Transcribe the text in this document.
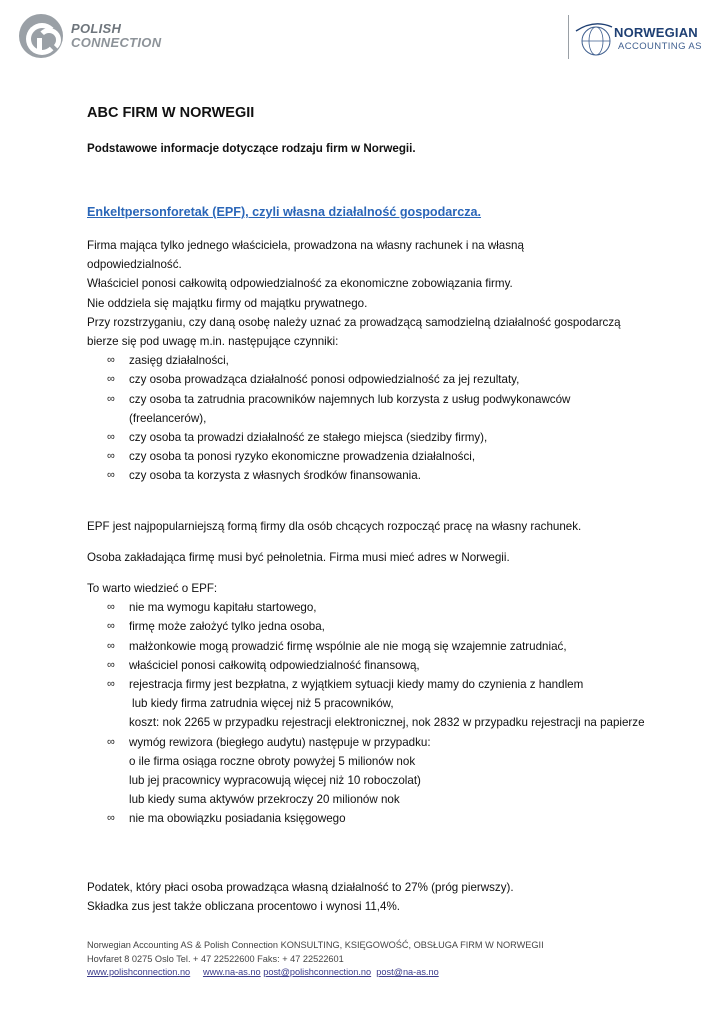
POLISH
CONNECTION
NORWEGIAN
ACCOUNTING AS
ABC FIRM W NORWEGII
Podstawowe informacje dotyczące rodzaju firm w Norwegii.
Enkeltpersonforetak (EPF), czyli własna działalność gospodarcza.

Firma mająca tylko jednego właściciela, prowadzona na własny rachunek i na własną

odpowiedzialność.

Właściciel ponosi całkowitą odpowiedzialność za ekonomiczne zobowiązania firmy.

Nie oddziela się majątku firmy od majątku prywatnego.

Przy rozstrzyganiu, czy daną osobę należy uznać za prowadzącą samodzielną działalność gospodarczą

bierze się pod uwagę m.in. następujące czynniki:

∞ zasięg działalności,
∞ czy osoba prowadząca działalność ponosi odpowiedzialność za jej rezultaty,
∞ czy osoba ta zatrudnia pracowników najemnych lub korzysta z usług podwykonawców (freelancerów),
∞ czy osoba ta prowadzi działalność ze stałego miejsca (siedziby firmy),
∞ czy osoba ta ponosi ryzyko ekonomiczne prowadzenia działalności,
∞ czy osoba ta korzysta z własnych środków finansowania.
EPF jest najpopularniejszą formą firmy dla osób chcących rozpocząć pracę na własny rachunek.
Osoba zakładająca firmę musi być pełnoletnia. Firma musi mieć adres w Norwegii.

To warto wiedzieć o EPF:

∞ nie ma wymogu kapitału startowego,
∞ firmę może założyć tylko jedna osoba,
∞ małżonkowie mogą prowadzić firmę wspólnie ale nie mogą się wzajemnie zatrudniać,
∞ właściciel ponosi całkowitą odpowiedzialność finansową,
∞ rejestracja firmy jest bezpłatna, z wyjątkiem sytuacji kiedy mamy do czynienia z handlem
lub kiedy firma zatrudnia więcej niż 5 pracowników,
koszt: nok 2265 w przypadku rejestracji elektronicznej, nok 2832 w przypadku rejestracji na papierze
∞ wymóg rewizora (biegłego audytu) następuje w przypadku:
o ile firma osiąga roczne obroty powyżej 5 milionów nok
lub jej pracownicy wypracowują więcej niż 10 roboczolat)
lub kiedy suma aktywów przekroczy 20 milionów nok
∞ nie ma obowiązku posiadania księgowego
Podatek, który płaci osoba prowadząca własną działalność to 27% (próg pierwszy).
Składka zus jest także obliczana procentowo i wynosi 11,4%.
Norwegian Accounting AS & Polish Connection KONSULTING, KSIĘGOWOŚĆ, OBSŁUGA FIRM W NORWEGII
Hovfaret 8 0275 Oslo Tel. + 47 22522600 Faks: + 47 22522601
www.polishconnection.no www.na-as.no post@polishconnection.no post@na-as.no
